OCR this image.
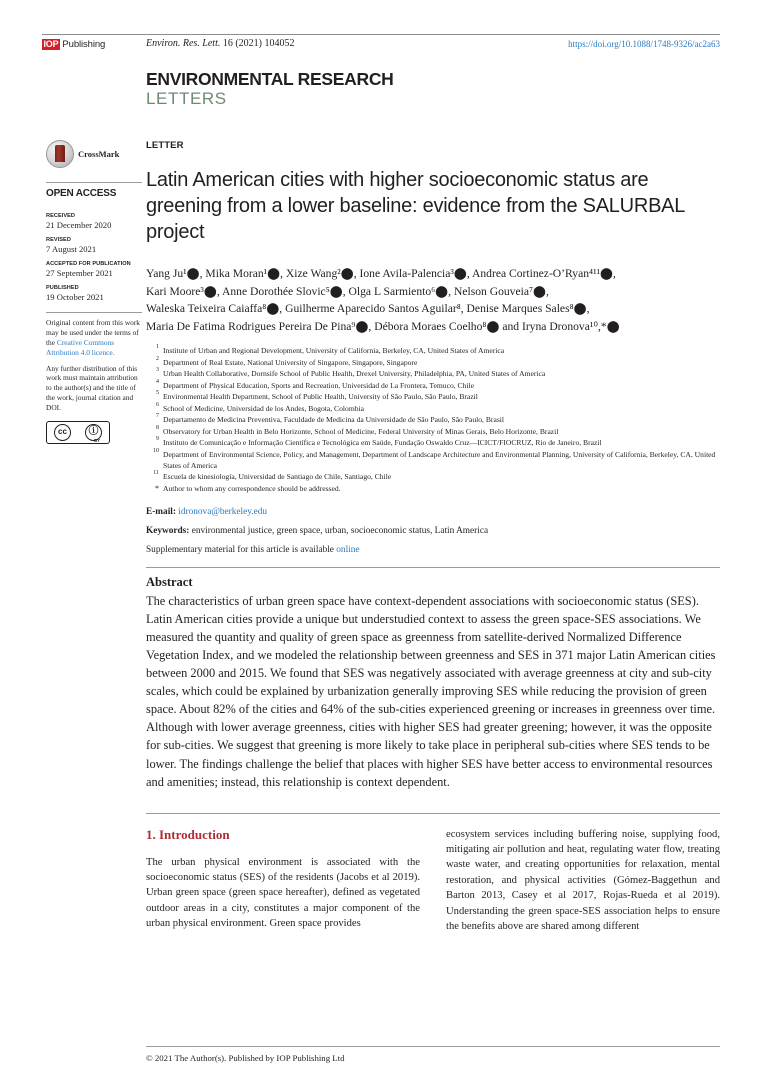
IOP Publishing	Environ. Res. Lett. 16 (2021) 104052	https://doi.org/10.1088/1748-9326/ac2a63
ENVIRONMENTAL RESEARCH
LETTERS
CrossMark
OPEN ACCESS
RECEIVED
21 December 2020
REVISED
7 August 2021
ACCEPTED FOR PUBLICATION
27 September 2021
PUBLISHED
19 October 2021

Original content from this work may be used under the terms of the Creative Commons Attribution 4.0 licence.

Any further distribution of this work must maintain attribution to the author(s) and the title of the work, journal citation and DOI.

cc	ⓘ
BY
LETTER
Latin American cities with higher socioeconomic status are greening from a lower baseline: evidence from the SALURBAL project
Yang Ju¹⬤, Mika Moran¹⬤, Xize Wang²⬤, Ione Avila-Palencia³⬤, Andrea Cortinez-O’Ryan⁴¹¹⬤,
Kari Moore³⬤, Anne Dorothée Slovic⁵⬤, Olga L Sarmiento⁶⬤, Nelson Gouveia⁷⬤,
Waleska Teixeira Caiaffa⁸⬤, Guilherme Aparecido Santos Aguilar⁸, Denise Marques Sales⁸⬤,
Maria De Fatima Rodrigues Pereira De Pina⁹⬤, Débora Moraes Coelho⁸⬤ and Iryna Dronova¹⁰,*⬤
1 Institute of Urban and Regional Development, University of California, Berkeley, CA, United States of America
2 Department of Real Estate, National University of Singapore, Singapore, Singapore
3 Urban Health Collaborative, Dornsife School of Public Health, Drexel University, Philadelphia, PA, United States of America
4 Department of Physical Education, Sports and Recreation, Universidad de La Frontera, Temuco, Chile
5 Environmental Health Department, School of Public Health, University of São Paulo, São Paulo, Brazil
6 School of Medicine, Universidad de los Andes, Bogota, Colombia
7 Departamento de Medicina Preventiva, Faculdade de Medicina da Universidade de São Paulo, São Paulo, Brasil
8 Observatory for Urban Health in Belo Horizonte, School of Medicine, Federal University of Minas Gerais, Belo Horizonte, Brazil
9 Instituto de Comunicação e Informação Científica e Tecnológica em Saúde, Fundação Oswaldo Cruz—ICICT/FIOCRUZ, Rio de Janeiro, Brazil
10 Department of Environmental Science, Policy, and Management, Department of Landscape Architecture and Environmental Planning, University of California, Berkeley, CA, United States of America
11 Escuela de kinesiología, Universidad de Santiago de Chile, Santiago, Chile
* Author to whom any correspondence should be addressed.
E-mail: idronova@berkeley.edu
Keywords: environmental justice, green space, urban, socioeconomic status, Latin America
Supplementary material for this article is available online
Abstract

The characteristics of urban green space have context-dependent associations with socioeconomic status (SES). Latin American cities provide a unique but understudied context to assess the green space-SES associations. We measured the quantity and quality of green space as greenness from satellite-derived Normalized Difference Vegetation Index, and we modeled the relationship between greenness and SES in 371 major Latin American cities between 2000 and 2015. We found that SES was negatively associated with average greenness at city and sub-city scales, which could be explained by urbanization generally improving SES while reducing the provision of green space. About 82% of the cities and 64% of the sub-cities experienced greening or increases in greenness over time. Although with lower average greenness, cities with higher SES had greater greening; however, it was the opposite for sub-cities. We suggest that greening is more likely to take place in peripheral sub-cities where SES tends to be lower. The findings challenge the belief that places with higher SES have better access to environmental resources and amenities; instead, this relationship is context dependent.

1. Introduction

The urban physical environment is associated with the socioeconomic status (SES) of the residents (Jacobs et al 2019). Urban green space (green space hereafter), defined as vegetated outdoor areas in a city, constitutes a major component of the urban physical environment. Green space provides

ecosystem services including buffering noise, supplying food, mitigating air pollution and heat, regulating water flow, treating waste water, and creating opportunities for relaxation, mental restoration, and physical activities (Gómez-Baggethun and Barton 2013, Casey et al 2017, Rojas-Rueda et al 2019). Understanding the green space-SES association helps to ensure the benefits above are shared among different

© 2021 The Author(s). Published by IOP Publishing Ltd
